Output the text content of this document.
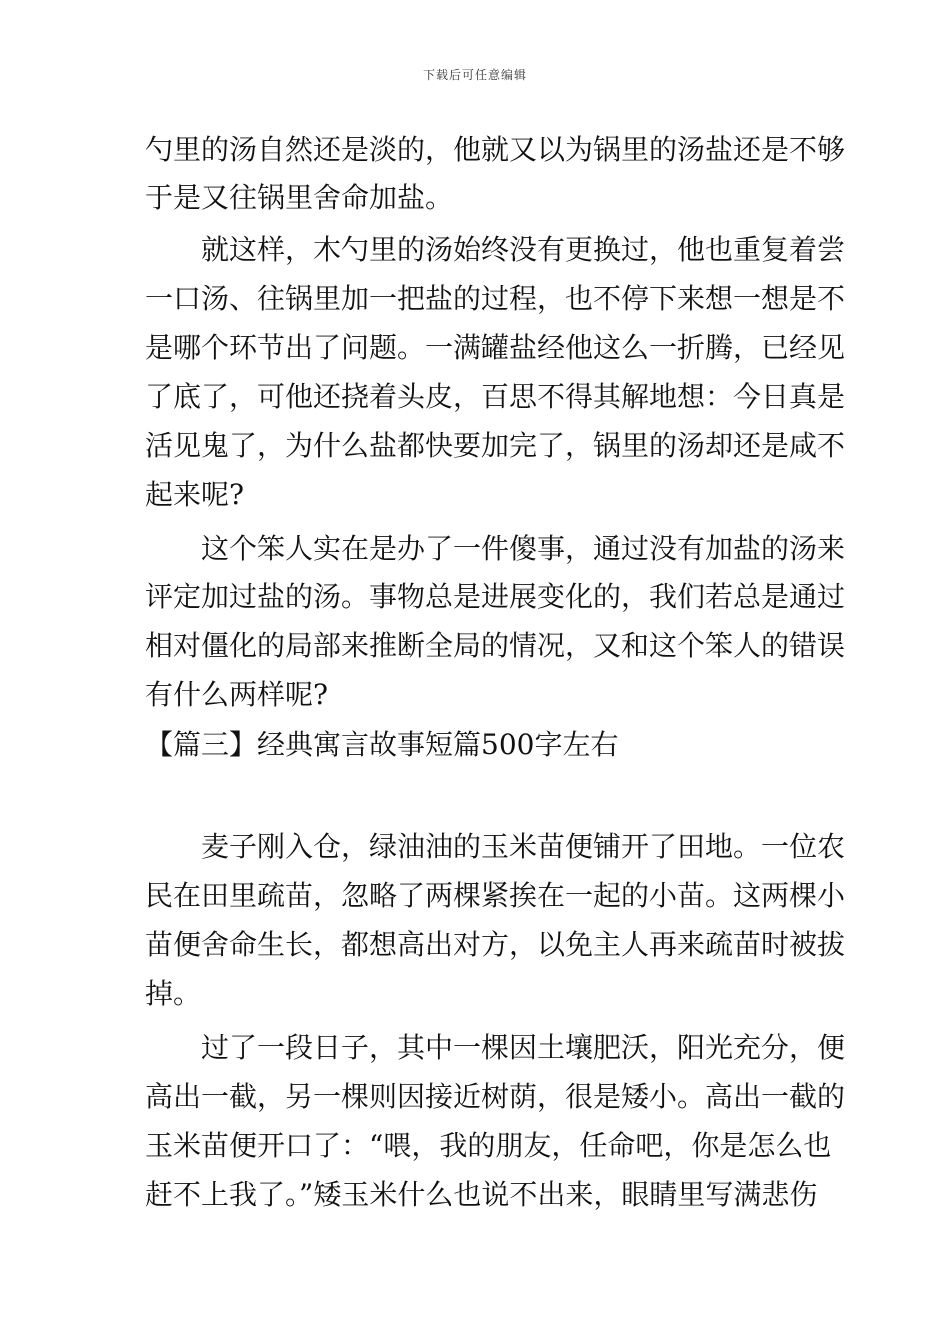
下载后可任意编辑
勺里的汤自然还是淡的，他就又以为锅里的汤盐还是不够
于是又往锅里舍命加盐。
就这样，木勺里的汤始终没有更换过，他也重复着尝
一口汤、往锅里加一把盐的过程，也不停下来想一想是不
是哪个环节出了问题。一满罐盐经他这么一折腾，已经见
了底了，可他还挠着头皮，百思不得其解地想：今日真是
活见鬼了，为什么盐都快要加完了，锅里的汤却还是咸不
起来呢?
这个笨人实在是办了一件傻事，通过没有加盐的汤来
评定加过盐的汤。事物总是进展变化的，我们若总是通过
相对僵化的局部来推断全局的情况，又和这个笨人的错误
有什么两样呢?
【篇三】经典寓言故事短篇500字左右
麦子刚入仓，绿油油的玉米苗便铺开了田地。一位农
民在田里疏苗，忽略了两棵紧挨在一起的小苗。这两棵小
苗便舍命生长，都想高出对方，以免主人再来疏苗时被拔
掉。
过了一段日子，其中一棵因土壤肥沃，阳光充分，便
高出一截，另一棵则因接近树荫，很是矮小。高出一截的
玉米苗便开口了：“喂，我的朋友，任命吧，你是怎么也
赶不上我了。”矮玉米什么也说不出来，眼睛里写满悲伤
